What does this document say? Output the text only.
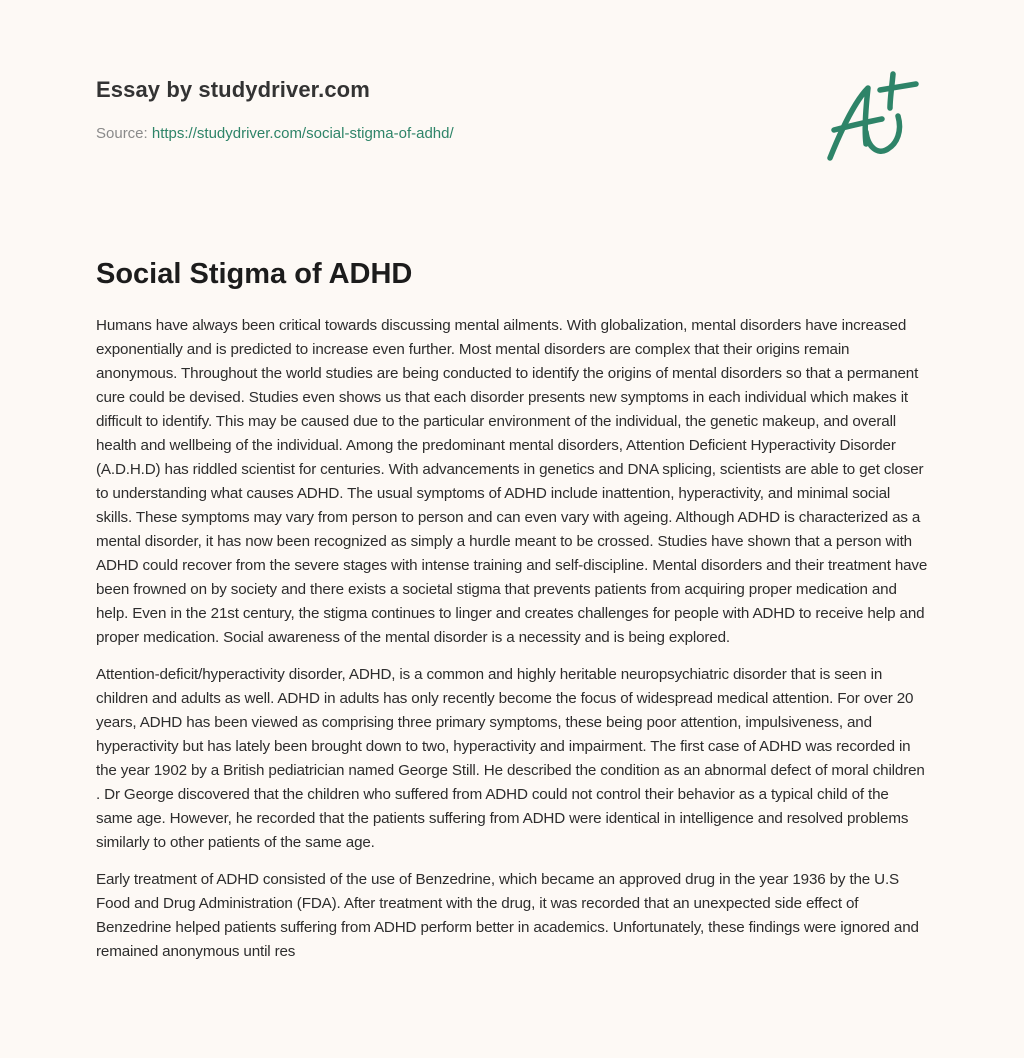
Essay by studydriver.com
Source: https://studydriver.com/social-stigma-of-adhd/
Social Stigma of ADHD

Humans have always been critical towards discussing mental ailments. With globalization, mental disorders have increased exponentially and is predicted to increase even further. Most mental disorders are complex that their origins remain anonymous. Throughout the world studies are being conducted to identify the origins of mental disorders so that a permanent cure could be devised. Studies even shows us that each disorder presents new symptoms in each individual which makes it difficult to identify. This may be caused due to the particular environment of the individual, the genetic makeup, and overall health and wellbeing of the individual. Among the predominant mental disorders, Attention Deficient Hyperactivity Disorder (A.D.H.D) has riddled scientist for centuries. With advancements in genetics and DNA splicing, scientists are able to get closer to understanding what causes ADHD. The usual symptoms of ADHD include inattention, hyperactivity, and minimal social skills. These symptoms may vary from person to person and can even vary with ageing. Although ADHD is characterized as a mental disorder, it has now been recognized as simply a hurdle meant to be crossed. Studies have shown that a person with ADHD could recover from the severe stages with intense training and self-discipline. Mental disorders and their treatment have been frowned on by society and there exists a societal stigma that prevents patients from acquiring proper medication and help. Even in the 21st century, the stigma continues to linger and creates challenges for people with ADHD to receive help and proper medication. Social awareness of the mental disorder is a necessity and is being explored.

Attention-deficit/hyperactivity disorder, ADHD, is a common and highly heritable neuropsychiatric disorder that is seen in children and adults as well. ADHD in adults has only recently become the focus of widespread medical attention. For over 20 years, ADHD has been viewed as comprising three primary symptoms, these being poor attention, impulsiveness, and hyperactivity but has lately been brought down to two, hyperactivity and impairment. The first case of ADHD was recorded in the year 1902 by a British pediatrician named George Still. He described the condition as an abnormal defect of moral children . Dr George discovered that the children who suffered from ADHD could not control their behavior as a typical child of the same age. However, he recorded that the patients suffering from ADHD were identical in intelligence and resolved problems similarly to other patients of the same age.

Early treatment of ADHD consisted of the use of Benzedrine, which became an approved drug in the year 1936 by the U.S Food and Drug Administration (FDA). After treatment with the drug, it was recorded that an unexpected side effect of Benzedrine helped patients suffering from ADHD perform better in academics. Unfortunately, these findings were ignored and remained anonymous until res
